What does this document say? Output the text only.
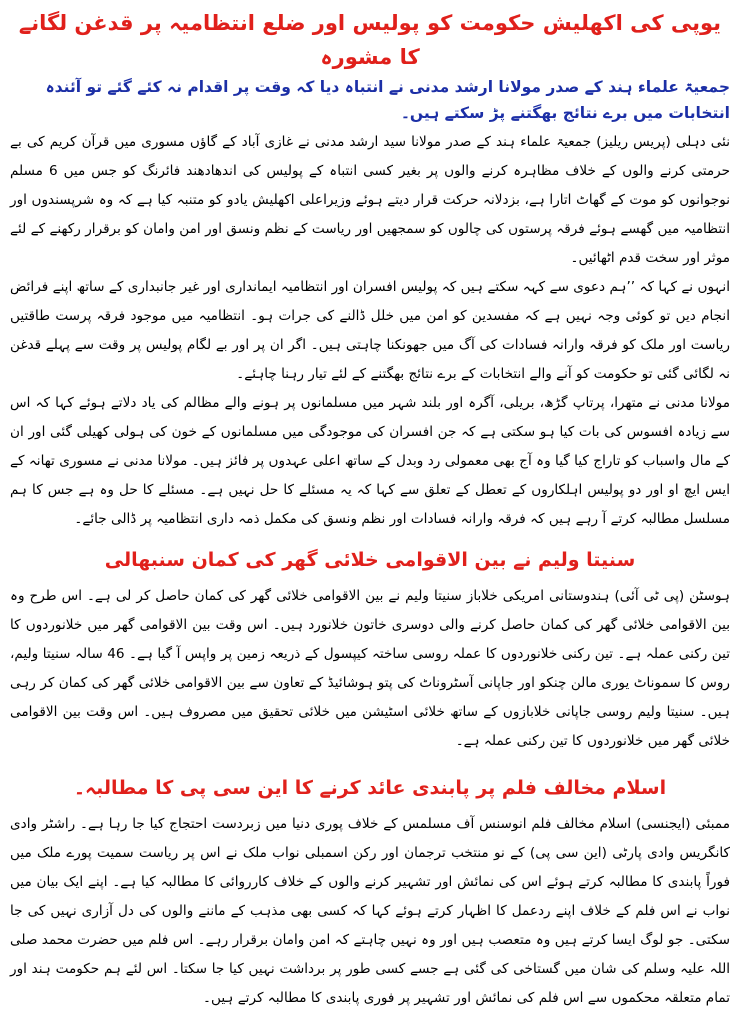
یوپی کی اکھلیش حکومت کو پولیس اور ضلع انتظامیہ پر قدغن لگانے کا مشورہ

جمعیۃ علماء ہند کے صدر مولانا ارشد مدنی نے انتباہ دیا کہ وقت پر اقدام نہ کئے گئے تو آئندہ انتخابات میں برے نتائج بھگتنے پڑ سکتے ہیں۔

نئی دہلی (پریس ریلیز) جمعیۃ علماء ہند کے صدر مولانا سید ارشد مدنی نے غازی آباد کے گاؤں مسوری میں قرآن کریم کی بے حرمتی کرنے والوں کے خلاف مظاہرہ کرنے والوں پر بغیر کسی انتباہ کے پولیس کی اندھادھند فائرنگ کو جس میں 6 مسلم نوجوانوں کو موت کے گھاٹ اتارا ہے، بزدلانہ حرکت قرار دیتے ہوئے وزیراعلی اکھلیش یادو کو متنبہ کیا ہے کہ وہ شرپسندوں اور انتظامیہ میں گھسے ہوئے فرقہ پرستوں کی چالوں کو سمجھیں اور ریاست کے نظم ونسق اور امن وامان کو برقرار رکھنے کے لئے موثر اور سخت قدم اٹھائیں۔

انہوں نے کہا کہ ’’ہم دعوی سے کہہ سکتے ہیں کہ پولیس افسران اور انتظامیہ ایمانداری اور غیر جانبداری کے ساتھ اپنے فرائض انجام دیں تو کوئی وجہ نہیں ہے کہ مفسدین کو امن میں خلل ڈالنے کی جرات ہو۔ انتظامیہ میں موجود فرقہ پرست طاقتیں ریاست اور ملک کو فرقہ وارانہ فسادات کی آگ میں جھونکنا چاہتی ہیں۔ اگر ان پر اور بے لگام پولیس پر وقت سے پہلے قدغن نہ لگائی گئی تو حکومت کو آنے والے انتخابات کے برے نتائج بھگتنے کے لئے تیار رہنا چاہئے۔

مولانا مدنی نے متھرا، پرتاپ گڑھ، بریلی، آگرہ اور بلند شہر میں مسلمانوں پر ہونے والے مظالم کی یاد دلاتے ہوئے کہا کہ اس سے زیادہ افسوس کی بات کیا ہو سکتی ہے کہ جن افسران کی موجودگی میں مسلمانوں کے خون کی ہولی کھیلی گئی اور ان کے مال واسباب کو تاراج کیا گیا وہ آج بھی معمولی رد وبدل کے ساتھ اعلی عہدوں پر فائز ہیں۔ مولانا مدنی نے مسوری تھانہ کے ایس ایچ او اور دو پولیس اہلکاروں کے تعطل کے تعلق سے کہا کہ یہ مسئلے کا حل نہیں ہے۔ مسئلے کا حل وہ ہے جس کا ہم مسلسل مطالبہ کرتے آ رہے ہیں کہ فرقہ وارانہ فسادات اور نظم ونسق کی مکمل ذمہ داری انتظامیہ پر ڈالی جائے۔

سنیتا ولیم نے بین الاقوامی خلائی گھر کی کمان سنبھالی

ہوسٹن (پی ٹی آئی) ہندوستانی امریکی خلاباز سنیتا ولیم نے بین الاقوامی خلائی گھر کی کمان حاصل کر لی ہے۔ اس طرح وہ بین الاقوامی خلائی گھر کی کمان حاصل کرنے والی دوسری خاتون خلانورد ہیں۔ اس وقت بین الاقوامی گھر میں خلانوردوں کا تین رکنی عملہ ہے۔ تین رکنی خلانوردوں کا عملہ روسی ساختہ کیپسول کے ذریعہ زمین پر واپس آ گیا ہے۔ 46 سالہ سنیتا ولیم، روس کا سموناٹ یوری مالن چنکو اور جاپانی آسٹروناٹ کی پتو ہوشائیڈ کے تعاون سے بین الاقوامی خلائی گھر کی کمان کر رہی ہیں۔ سنیتا ولیم روسی جاپانی خلابازوں کے ساتھ خلائی اسٹیشن میں خلائی تحقیق میں مصروف ہیں۔ اس وقت بین الاقوامی خلائی گھر میں خلانوردوں کا تین رکنی عملہ ہے۔

اسلام مخالف فلم پر پابندی عائد کرنے کا این سی پی کا مطالبہ۔

ممبئی (ایجنسی) اسلام مخالف فلم انوسنس آف مسلمس کے خلاف پوری دنیا میں زبردست احتجاج کیا جا رہا ہے۔ راشٹر وادی کانگریس وادی پارٹی (این سی پی) کے نو منتخب ترجمان اور رکن اسمبلی نواب ملک نے اس پر ریاست سمیت پورے ملک میں فوراً پابندی کا مطالبہ کرتے ہوئے اس کی نمائش اور تشہیر کرنے والوں کے خلاف کارروائی کا مطالبہ کیا ہے۔ اپنے ایک بیان میں نواب نے اس فلم کے خلاف اپنے ردعمل کا اظہار کرتے ہوئے کہا کہ کسی بھی مذہب کے ماننے والوں کی دل آزاری نہیں کی جا سکتی۔ جو لوگ ایسا کرتے ہیں وہ متعصب ہیں اور وہ نہیں چاہتے کہ امن وامان برقرار رہے۔ اس فلم میں حضرت محمد صلی اللہ علیہ وسلم کی شان میں گستاخی کی گئی ہے جسے کسی طور پر برداشت نہیں کیا جا سکتا۔ اس لئے ہم حکومت ہند اور تمام متعلقہ محکموں سے اس فلم کی نمائش اور تشہیر پر فوری پابندی کا مطالبہ کرتے ہیں۔
